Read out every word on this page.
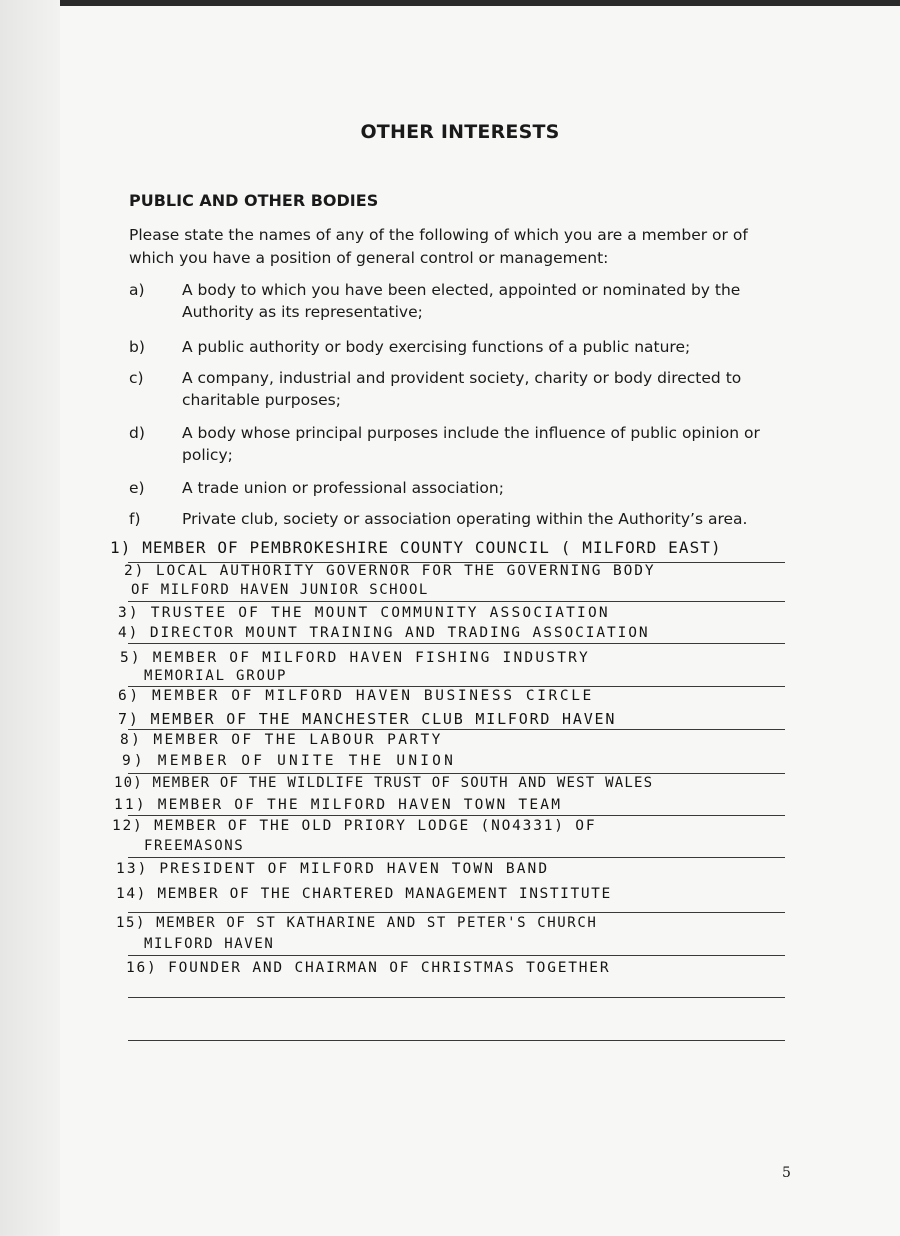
OTHER INTERESTS
PUBLIC AND OTHER BODIES
Please state the names of any of the following of which you are a member or of which you have a position of general control or management:
a)	A body to which you have been elected, appointed or nominated by the Authority as its representative;
b)	A public authority or body exercising functions of a public nature;
c)	A company, industrial and provident society, charity or body directed to charitable purposes;
d)	A body whose principal purposes include the influence of public opinion or policy;
e)	A trade union or professional association;
f)	Private club, society or association operating within the Authority’s area.
1) MEMBER OF PEMBROKESHIRE COUNTY COUNCIL ( MILFORD EAST)
2) LOCAL AUTHORITY GOVERNOR FOR THE GOVERNING BODY
OF MILFORD HAVEN JUNIOR SCHOOL
3) TRUSTEE OF THE MOUNT COMMUNITY ASSOCIATION
4) DIRECTOR MOUNT TRAINING AND TRADING ASSOCIATION
5) MEMBER OF MILFORD HAVEN FISHING INDUSTRY
MEMORIAL GROUP
6) MEMBER OF MILFORD HAVEN BUSINESS CIRCLE
7) MEMBER OF THE MANCHESTER CLUB MILFORD HAVEN
8) MEMBER OF THE LABOUR PARTY
9) MEMBER OF UNITE THE UNION
10) MEMBER OF THE WILDLIFE TRUST OF SOUTH AND WEST WALES
11) MEMBER OF THE MILFORD HAVEN TOWN TEAM
12) MEMBER OF THE OLD PRIORY LODGE (NO4331) OF
FREEMASONS
13) PRESIDENT OF MILFORD HAVEN TOWN BAND
14) MEMBER OF THE CHARTERED MANAGEMENT INSTITUTE
15) MEMBER OF ST KATHARINE AND ST PETER'S CHURCH
MILFORD HAVEN
16) FOUNDER AND CHAIRMAN OF CHRISTMAS TOGETHER
5
